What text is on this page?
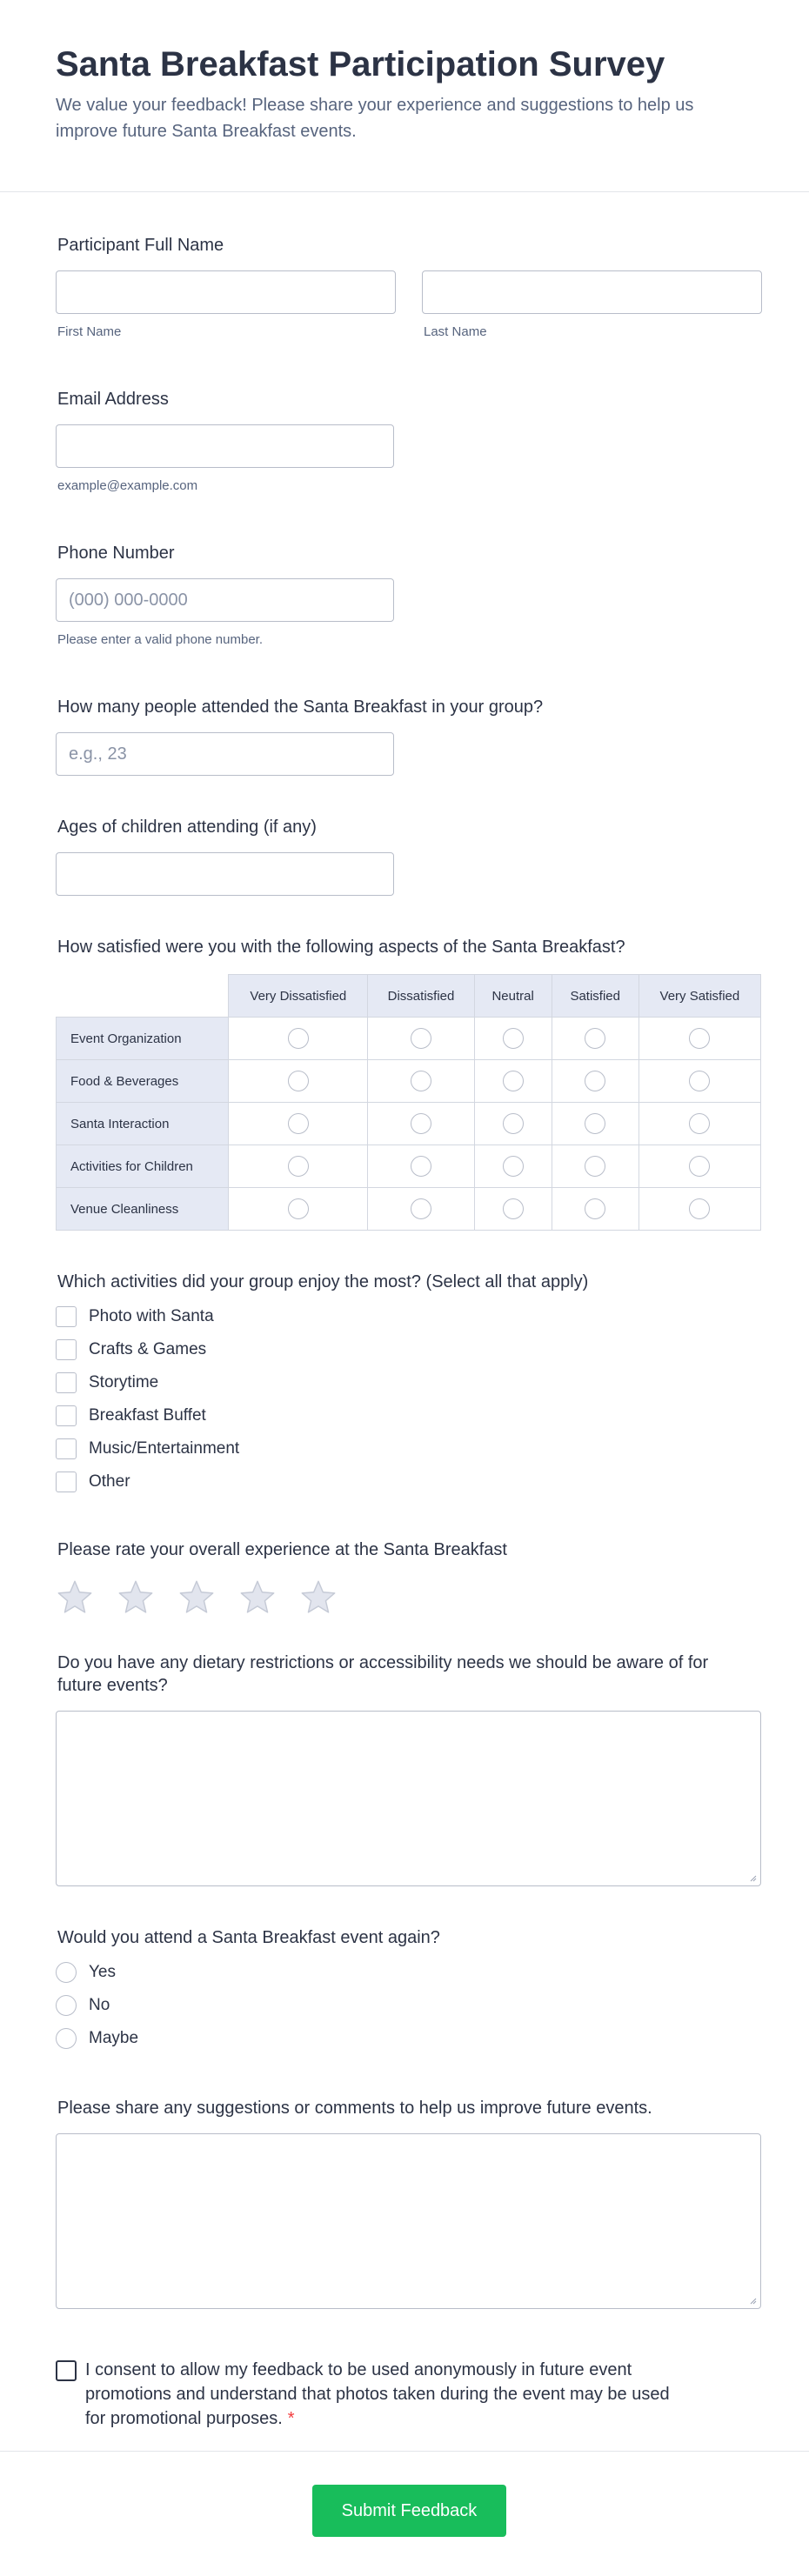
Santa Breakfast Participation Survey

We value your feedback! Please share your experience and suggestions to help us improve future Santa Breakfast events.

Participant Full Name
First Name	Last Name
Email Address
example@example.com
Phone Number
(000) 000-0000
Please enter a valid phone number.
How many people attended the Santa Breakfast in your group?
e.g., 23
Ages of children attending (if any)
How satisfied were you with the following aspects of the Santa Breakfast?
	Very Dissatisfied	Dissatisfied	Neutral	Satisfied	Very Satisfied
Event Organization					
Food & Beverages					
Santa Interaction					
Activities for Children					
Venue Cleanliness					
Which activities did your group enjoy the most? (Select all that apply)
Photo with Santa
Crafts & Games
Storytime
Breakfast Buffet
Music/Entertainment
Other
Please rate your overall experience at the Santa Breakfast
Do you have any dietary restrictions or accessibility needs we should be aware of for future events?
Would you attend a Santa Breakfast event again?
Yes
No
Maybe
Please share any suggestions or comments to help us improve future events.
I consent to allow my feedback to be used anonymously in future event promotions and understand that photos taken during the event may be used for promotional purposes. *
Submit Feedback
